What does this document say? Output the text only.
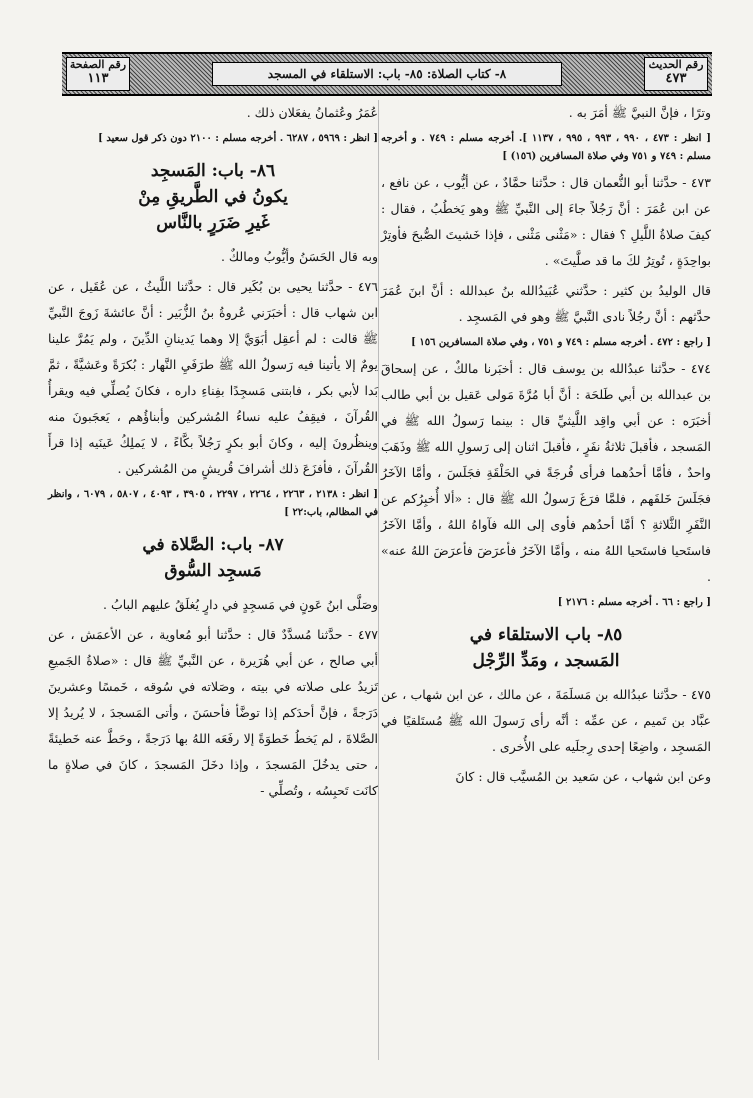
رقم الحديث
٤٧٣
٨- كتاب الصلاة: ٨٥- باب: الاستلقاء في المسجد
رقم الصفحة
١١٣

وترًا ، فإنَّ النبيَّ ﷺ أمَرَ به .

[ انظر : ٤٧٣ ، ٩٩٠ ، ٩٩٣ ، ٩٩٥ ، ١١٣٧ ]. أخرجه مسلم : ٧٤٩ . و أخرجه مسلم : ٧٤٩ و ٧٥١ وفي صلاة المسافرين (١٥٦) ]

٤٧٣ - حدَّثنا أبو النُّعمان قال : حدَّثنا حمَّادٌ ، عن أيُّوب ، عن نافع ، عن ابن عُمَرَ : أنَّ رَجُلاً جاءَ إلى النَّبيِّ ﷺ وهو يَخطُبُ ، فقال : كيفَ صلاةُ اللَّيلِ ؟ فقال : «مَثْنى مَثْنى ، فإذا خَشيتَ الصُّبحَ فأوتِرْ بواحِدَةٍ ، تُوتِرُ لكَ ما قد صلَّيتَ» .

قال الوليدُ بن كثير : حدَّثني عُبَيدُالله بنُ عبدالله : أنَّ ابنَ عُمَرَ حدَّثهم : أنَّ رجُلاً نادى النَّبيَّ ﷺ وهو في المَسجِد .

[ راجع : ٤٧٢ . أخرجه مسلم : ٧٤٩ و ٧٥١ ، وفي صلاة المسافرين ١٥٦ ]

٤٧٤ - حدَّثنا عبدُالله بن يوسف قال : أخبَرنا مالكٌ ، عن إسحاقَ بن عبدالله بن أبي طَلحَة : أنَّ أبا مُرَّةَ مَولى عَقيل بن أبي طالب أخبَرَه : عن أبي واقِد اللَّيثيِّ قال : بينما رَسولُ الله ﷺ في المَسجد ، فأقبلَ ثلاثةُ نفَرٍ ، فأقبلَ اثنان إلى رَسولِ الله ﷺ وذَهَبَ واحدٌ ، فأمَّا أحدُهما فرأى فُرجَةً في الحَلْقَةِ فجَلَسَ ، وأمَّا الآخَرُ فجَلَسَ خَلفَهم ، فلمَّا فرَغَ رَسولُ الله ﷺ قال : «ألا أُخبِرُكم عن النَّفَرِ الثَّلاثةِ ؟ أمَّا أحدُهم فأوى إلى الله فآواهُ اللهُ ، وأمَّا الآخَرُ فاستَحيا فاستَحيا اللهُ منه ، وأمَّا الآخَرُ فأعرَضَ فأعرَضَ اللهُ عنه» .

[ راجع : ٦٦ . أخرجه مسلم : ٢١٧٦ ]

٨٥- باب الاستلقاء في
المَسجد ، ومَدِّ الرِّجْل

٤٧٥ - حدَّثنا عبدُالله بن مَسلَمَةَ ، عن مالك ، عن ابن شهاب ، عن عبَّاد بن تَميم ، عن عمِّه : أنَّه رأى رَسولَ الله ﷺ مُستَلقيًا في المَسجِد ، واضِعًا إحدى رِجلَيه على الأُخرى .

وعن ابن شهاب ، عن سَعيد بن المُسيَّب قال : كانَ

عُمَرُ وعُثمانُ يفعَلان ذلك .

[ انظر : ٥٩٦٩ ، ٦٢٨٧ . أخرجه مسلم : ٢١٠٠ دون ذكر قول سعيد ]

٨٦- باب: المَسجِد
يكونُ في الطَّريقِ مِنْ
غَيرِ ضَرَرٍ بالنَّاس

وبه قال الحَسَنُ وأيُّوبُ ومالكٌ .

٤٧٦ - حدَّثنا يحيى بن بُكَير قال : حدَّثنا اللَّيثُ ، عن عُقَيل ، عن ابن شهاب قال : أخبَرَني عُروةُ بنُ الزُّبَير : أنَّ عائشةَ زَوجَ النَّبيِّ ﷺ قالت : لم أعقِل أبَوَيَّ إلا وهما يَدينانِ الدِّينَ ، ولم يَمُرَّ علينا يومٌ إلا يأتينا فيه رَسولُ الله ﷺ طرَفَيِ النَّهار : بُكرَةً وعَشيَّةً ، ثمَّ بَدا لأبي بكر ، فابتنى مَسجِدًا بفِناءِ داره ، فكانَ يُصلِّي فيه ويقرأُ القُرآنَ ، فيقِفُ عليه نساءُ المُشركين وأبناؤُهم ، يَعجَبونَ منه وينظُرونَ إليه ، وكانَ أبو بكرٍ رَجُلاً بكَّاءً ، لا يَملِكُ عَينَيه إذا قرأَ القُرآنَ ، فأفزَعَ ذلك أشرافَ قُريشٍ من المُشركين .

[ انظر : ٢١٣٨ ، ٢٢٦٣ ، ٢٢٦٤ ، ٢٢٩٧ ، ٣٩٠٥ ، ٤٠٩٣ ، ٥٨٠٧ ، ٦٠٧٩ ، وانظر في المظالم، باب:٢٢ ]

٨٧- باب: الصَّلاة في
مَسجِد السُّوق

وصَلَّى ابنُ عَونٍ في مَسجِدٍ في دارٍ يُغلَقُ عليهم البابُ .

٤٧٧ - حدَّثنا مُسدَّدٌ قال : حدَّثنا أبو مُعاوية ، عن الأعمَش ، عن أبي صالح ، عن أبي هُرَيرة ، عن النَّبيِّ ﷺ قال : «صلاةُ الجَميعِ تَزيدُ على صلاته في بيته ، وصَلاته في سُوقه ، خَمسًا وعشرينَ دَرَجةً ، فإنَّ أحدَكم إذا توضَّأ فأحسَنَ ، وأتى المَسجدَ ، لا يُريدُ إلا الصَّلاةَ ، لم يَخطُ خَطوَةً إلا رفَعَه اللهُ بها دَرَجةً ، وحَطَّ عنه خَطيئةً ، حتى يدخُلَ المَسجدَ ، وإذا دخَلَ المَسجدَ ، كانَ في صلاةٍ ما كانَت تَحبِسُه ، وتُصلِّي -
